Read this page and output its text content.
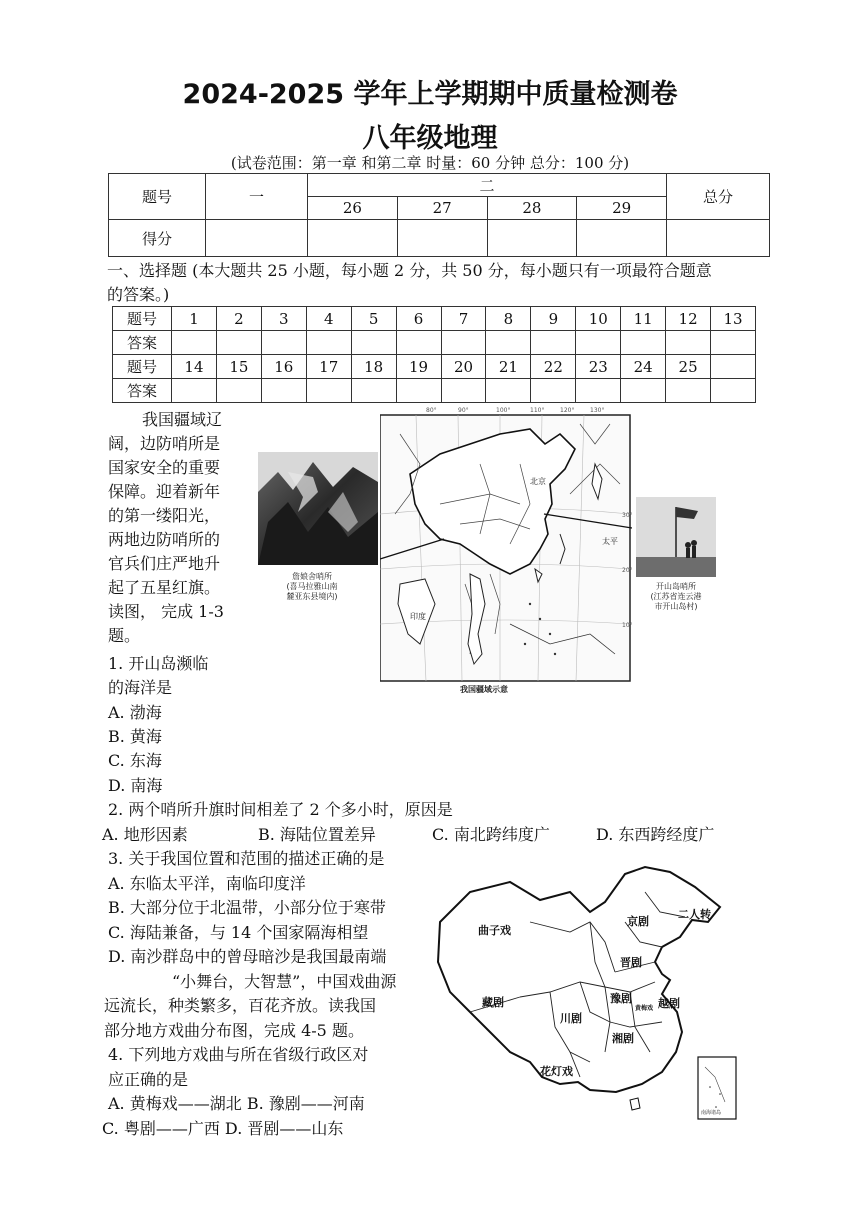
2024-2025 学年上学期期中质量检测卷
八年级地理
(试卷范围：第一章 和第二章 时量：60 分钟 总分：100 分)
题号	一	二				总分
		26	27	28	29	
得分						
一、选择题 (本大题共 25 小题，每小题 2 分，共 50 分，每小题只有一项最符合题意
的答案。)
题号	1	2	3	4	5	6	7	8	9	10	11	12	13
答案													
题号	14	15	16	17	18	19	20	21	22	23	24	25	
答案													
我国疆域辽
阔，边防哨所是
国家安全的重要
保障。迎着新年
的第一缕阳光，
两地边防哨所的
官兵们庄严地升
起了五星红旗。
读图， 完成 1-3
题。
詹娘舍哨所
(喜马拉雅山南
麓亚东县境内)
80°	90°	100°	110°	120°	130°
30°
20°
10°
北京
太平
印度
我国疆域示意
开山岛哨所
(江苏省连云港
市开山岛村)
1. 开山岛濒临
的海洋是
A. 渤海
B. 黄海
C. 东海
D. 南海
2. 两个哨所升旗时间相差了 2 个多小时，原因是
A. 地形因素	B. 海陆位置差异	C. 南北跨纬度广	D. 东西跨经度广
3. 关于我国位置和范围的描述正确的是
A. 东临太平洋，南临印度洋
B. 大部分位于北温带，小部分位于寒带
C. 海陆兼备，与 14 个国家隔海相望
D. 南沙群岛中的曾母暗沙是我国最南端
“小舞台，大智慧”，中国戏曲源
远流长，种类繁多，百花齐放。读我国
部分地方戏曲分布图，完成 4-5 题。
4. 下列地方戏曲与所在省级行政区对
应正确的是
A. 黄梅戏——湖北 B. 豫剧——河南
C. 粤剧——广西 D. 晋剧——山东
南海诸岛
曲子戏
京剧
二人转
晋剧
藏剧	豫剧
川剧
越剧
湘剧
花灯戏
黄梅戏
